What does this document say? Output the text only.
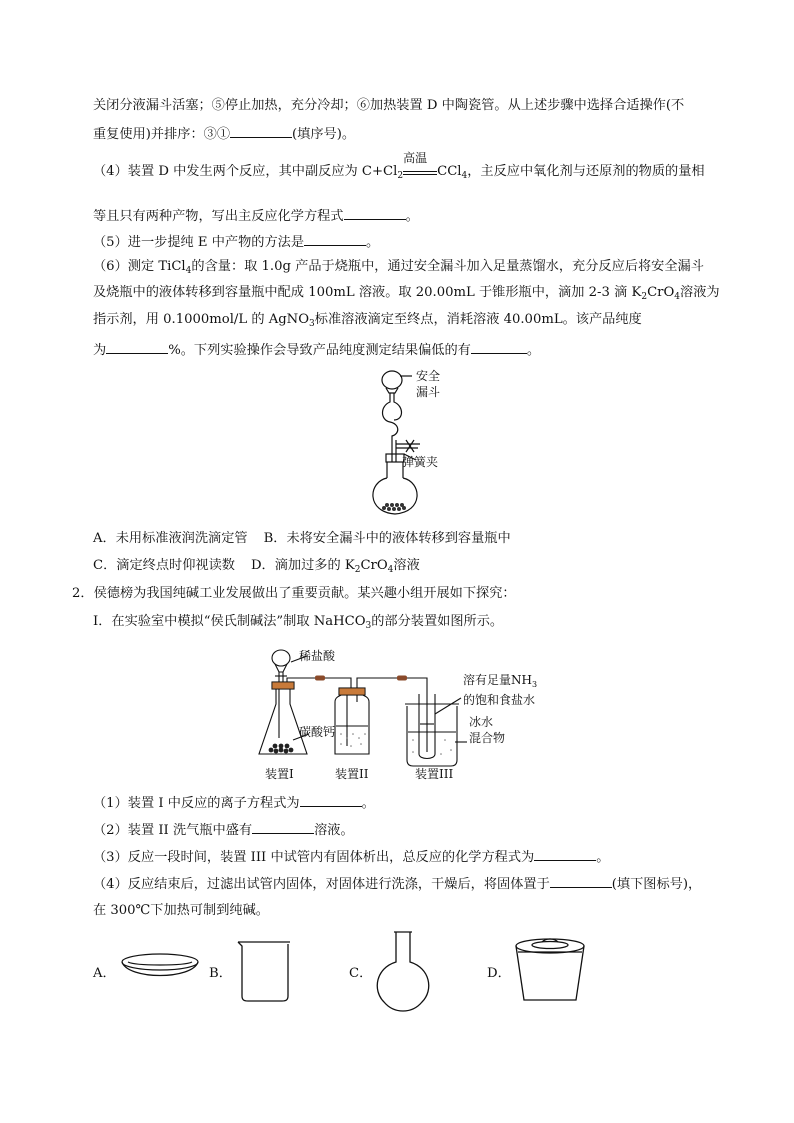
关闭分液漏斗活塞；⑤停止加热，充分冷却；⑥加热装置 D 中陶瓷管。从上述步骤中选择合适操作(不
重复使用)并排序：③①	(填序号)。
（4）装置 D 中发生两个反应，其中副反应为 $C+Cl_2$
高温
CCl$_4$，主反应中氧化剂与还原剂的物质的量相
等且只有两种产物，写出主反应化学方程式	。
（5）进一步提纯 E 中产物的方法是	。
（6）测定 TiCl$_4$的含量：取 1.0g 产品于烧瓶中，通过安全漏斗加入足量蒸馏水，充分反应后将安全漏斗
及烧瓶中的液体转移到容量瓶中配成 100mL 溶液。取 20.00mL 于锥形瓶中，滴加 2-3 滴 $K_2CrO_4$溶液为
指示剂，用 0.1000mol/L 的 AgNO$_3$标准溶液滴定至终点，消耗溶液 40.00mL。该产品纯度
为	%。下列实验操作会导致产品纯度测定结果偏低的有	。
安全
漏斗
弹簧夹
A．未用标准液润洗滴定管 B．未将安全漏斗中的液体转移到容量瓶中
C．滴定终点时仰视读数 D．滴加过多的 $K_2CrO_4$溶液
2．侯德榜为我国纯碱工业发展做出了重要贡献。某兴趣小组开展如下探究：
I．在实验室中模拟“侯氏制碱法”制取 NaHCO$_3$的部分装置如图所示。
稀盐酸
碳酸钙
溶有足量$NH_3$
的饱和食盐水
冰水
混合物
装置I	装置II	装置III
（1）装置 I 中反应的离子方程式为	。
（2）装置 II 洗气瓶中盛有	溶液。
（3）反应一段时间，装置 III 中试管内有固体析出，总反应的化学方程式为	。
（4）反应结束后，过滤出试管内固体，对固体进行洗涤，干燥后，将固体置于	(填下图标号)，
在 300℃下加热可制到纯碱。
A．	B．	C．	D．
